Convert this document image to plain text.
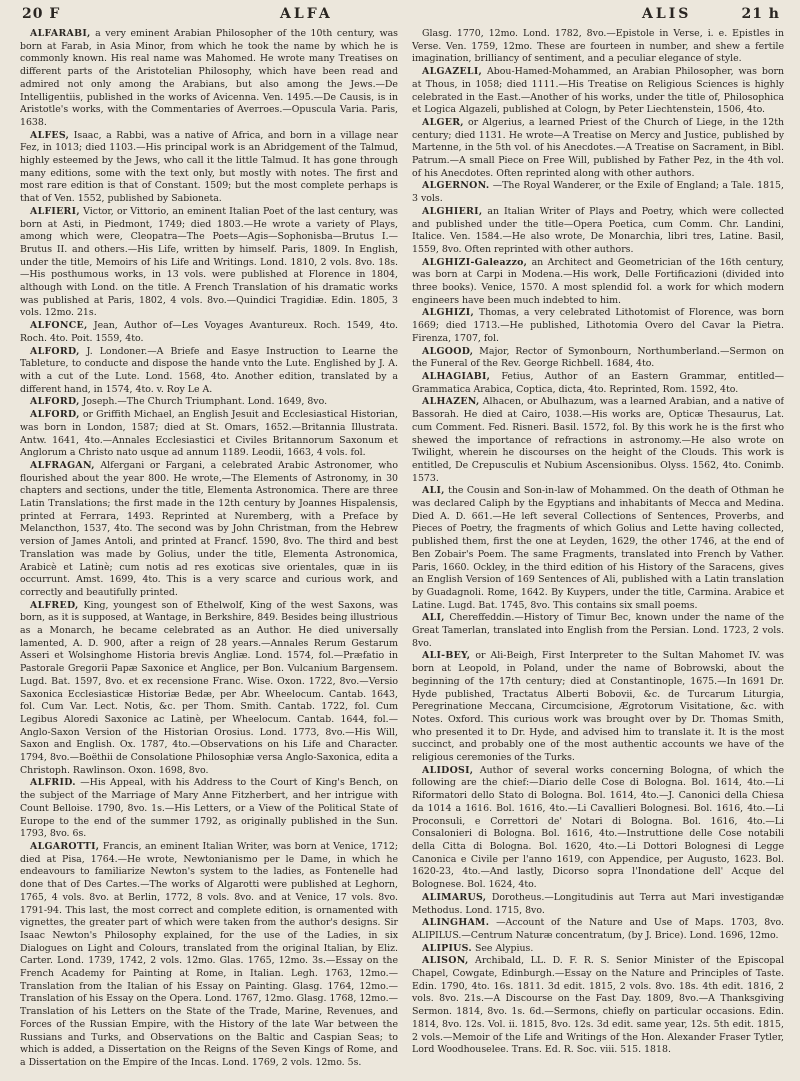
20 F	ALFA	ALIS	21 h

ALFARABI, a very eminent Arabian Philosopher of the 10th century, was born at Farab, in Asia Minor, from which he took the name by which he is commonly known. His real name was Mahomed. He wrote many Treatises on different parts of the Aristotelian Philosophy, which have been read and admired not only among the Arabians, but also among the Jews.—De Intelligentiis, published in the works of Avicenna. Ven. 1495.—De Causis, is in Aristotle's works, with the Commentaries of Averroes.—Opuscula Varia. Paris, 1638.

ALFES, Isaac, a Rabbi, was a native of Africa, and born in a village near Fez, in 1013; died 1103.—His principal work is an Abridgement of the Talmud, highly esteemed by the Jews, who call it the little Talmud. It has gone through many editions, some with the text only, but mostly with notes. The first and most rare edition is that of Constant. 1509; but the most complete perhaps is that of Ven. 1552, published by Sabioneta.

ALFIERI, Victor, or Vittorio, an eminent Italian Poet of the last century, was born at Asti, in Piedmont, 1749; died 1803.—He wrote a variety of Plays, among which were, Cleopatra—The Poets—Agis—Sophonisba—Brutus I.—Brutus II. and others.—His Life, written by himself. Paris, 1809. In English, under the title, Memoirs of his Life and Writings. Lond. 1810, 2 vols. 8vo. 18s.—His posthumous works, in 13 vols. were published at Florence in 1804, although with Lond. on the title. A French Translation of his dramatic works was published at Paris, 1802, 4 vols. 8vo.—Quindici Tragidiæ. Edin. 1805, 3 vols. 12mo. 21s.

ALFONCE, Jean, Author of—Les Voyages Avantureux. Roch. 1549, 4to. Roch. 4to. Poit. 1559, 4to.

ALFORD, J. Londoner.—A Briefe and Easye Instruction to Learne the Tableture, to conducte and dispose the hande vnto the Lute. Englished by J. A. with a cut of the Lute. Lond. 1568, 4to. Another edition, translated by a different hand, in 1574, 4to. v. Roy Le A.

ALFORD, Joseph.—The Church Triumphant. Lond. 1649, 8vo.

ALFORD, or Griffith Michael, an English Jesuit and Ecclesiastical Historian, was born in London, 1587; died at St. Omars, 1652.—Britannia Illustrata. Antw. 1641, 4to.—Annales Ecclesiastici et Civiles Britannorum Saxonum et Anglorum a Christo nato usque ad annum 1189. Leodii, 1663, 4 vols. fol.

ALFRAGAN, Alfergani or Fargani, a celebrated Arabic Astronomer, who flourished about the year 800. He wrote,—The Elements of Astronomy, in 30 chapters and sections, under the title, Elementa Astronomica. There are three Latin Translations; the first made in the 12th century by Joannes Hispalensis, printed at Ferrara, 1493. Reprinted at Nuremberg, with a Preface by Melancthon, 1537, 4to. The second was by John Christman, from the Hebrew version of James Antoli, and printed at Francf. 1590, 8vo. The third and best Translation was made by Golius, under the title, Elementa Astronomica, Arabicè et Latinè; cum notis ad res exoticas sive orientales, quæ in iis occurrunt. Amst. 1699, 4to. This is a very scarce and curious work, and correctly and beautifully printed.

ALFRED, King, youngest son of Ethelwolf, King of the west Saxons, was born, as it is supposed, at Wantage, in Berkshire, 849. Besides being illustrious as a Monarch, he became celebrated as an Author. He died universally lamented, A. D. 900, after a reign of 28 years.—Annales Rerum Gestarum Asseri et Wolsinghome Historia brevis Angliæ. Lond. 1574, fol.—Præfatio in Pastorale Gregorii Papæ Saxonice et Anglice, per Bon. Vulcanium Bargensem. Lugd. Bat. 1597, 8vo. et ex recensione Franc. Wise. Oxon. 1722, 8vo.—Versio Saxonica Ecclesiasticæ Historiæ Bedæ, per Abr. Wheelocum. Cantab. 1643, fol. Cum Var. Lect. Notis, &c. per Thom. Smith. Cantab. 1722, fol. Cum Legibus Aloredi Saxonice ac Latinè, per Wheelocum. Cantab. 1644, fol.—Anglo-Saxon Version of the Historian Orosius. Lond. 1773, 8vo.—His Will, Saxon and English. Ox. 1787, 4to.—Observations on his Life and Character. 1794, 8vo.—Boëthii de Consolatione Philosophiæ versa Anglo-Saxonica, edita a Christoph. Rawlinson. Oxon. 1698, 8vo.

ALFRID. —His Appeal, with his Address to the Court of King's Bench, on the subject of the Marriage of Mary Anne Fitzherbert, and her intrigue with Count Belloise. 1790, 8vo. 1s.—His Letters, or a View of the Political State of Europe to the end of the summer 1792, as originally published in the Sun. 1793, 8vo. 6s.

ALGAROTTI, Francis, an eminent Italian Writer, was born at Venice, 1712; died at Pisa, 1764.—He wrote, Newtonianismo per le Dame, in which he endeavours to familiarize Newton's system to the ladies, as Fontenelle had done that of Des Cartes.—The works of Algarotti were published at Leghorn, 1765, 4 vols. 8vo. at Berlin, 1772, 8 vols. 8vo. and at Venice, 17 vols. 8vo. 1791-94. This last, the most correct and complete edition, is ornamented with vignettes, the greater part of which were taken from the author's designs. Sir Isaac Newton's Philosophy explained, for the use of the Ladies, in six Dialogues on Light and Colours, translated from the original Italian, by Eliz. Carter. Lond. 1739, 1742, 2 vols. 12mo. Glas. 1765, 12mo. 3s.—Essay on the French Academy for Painting at Rome, in Italian. Legh. 1763, 12mo.—Translation from the Italian of his Essay on Painting. Glasg. 1764, 12mo.—Translation of his Essay on the Opera. Lond. 1767, 12mo. Glasg. 1768, 12mo.—Translation of his Letters on the State of the Trade, Marine, Revenues, and Forces of the Russian Empire, with the History of the late War between the Russians and Turks, and Observations on the Baltic and Caspian Seas; to which is added, a Dissertation on the Reigns of the Seven Kings of Rome, and a Dissertation on the Empire of the Incas. Lond. 1769, 2 vols. 12mo. 5s.

Glasg. 1770, 12mo. Lond. 1782, 8vo.—Epistole in Verse, i. e. Epistles in Verse. Ven. 1759, 12mo. These are fourteen in number, and shew a fertile imagination, brilliancy of sentiment, and a peculiar elegance of style.

ALGAZELI, Abou-Hamed-Mohammed, an Arabian Philosopher, was born at Thous, in 1058; died 1111.—His Treatise on Religious Sciences is highly celebrated in the East.—Another of his works, under the title of, Philosophica et Logica Algazeli, published at Cologn, by Peter Liechtenstein, 1506, 4to.

ALGER, or Algerius, a learned Priest of the Church of Liege, in the 12th century; died 1131. He wrote—A Treatise on Mercy and Justice, published by Martenne, in the 5th vol. of his Anecdotes.—A Treatise on Sacrament, in Bibl. Patrum.—A small Piece on Free Will, published by Father Pez, in the 4th vol. of his Anecdotes. Often reprinted along with other authors.

ALGERNON. —The Royal Wanderer, or the Exile of England; a Tale. 1815, 3 vols.

ALGHIERI, an Italian Writer of Plays and Poetry, which were collected and published under the title—Opera Poetica, cum Comm. Chr. Landini, Italice. Ven. 1584.—He also wrote, De Monarchia, libri tres, Latine. Basil, 1559, 8vo. Often reprinted with other authors.

ALGHIZI-Galeazzo, an Architect and Geometrician of the 16th century, was born at Carpi in Modena.—His work, Delle Fortificazioni (divided into three books). Venice, 1570. A most splendid fol. a work for which modern engineers have been much indebted to him.

ALGHIZI, Thomas, a very celebrated Lithotomist of Florence, was born 1669; died 1713.—He published, Lithotomia Overo del Cavar la Pietra. Firenza, 1707, fol.

ALGOOD, Major, Rector of Symonbourn, Northumberland.—Sermon on the Funeral of the Rev. George Richbell. 1684, 4to.

ALHAGIABI, Fetius, Author of an Eastern Grammar, entitled—Grammatica Arabica, Coptica, dicta, 4to. Reprinted, Rom. 1592, 4to.

ALHAZEN, Alhacen, or Abulhazum, was a learned Arabian, and a native of Bassorah. He died at Cairo, 1038.—His works are, Opticæ Thesaurus, Lat. cum Comment. Fed. Risneri. Basil. 1572, fol. By this work he is the first who shewed the importance of refractions in astronomy.—He also wrote on Twilight, wherein he discourses on the height of the Clouds. This work is entitled, De Crepusculis et Nubium Ascensionibus. Olyss. 1562, 4to. Conimb. 1573.

ALI, the Cousin and Son-in-law of Mohammed. On the death of Othman he was declared Caliph by the Egyptians and inhabitants of Mecca and Medina. Died A. D. 661.—He left several Collections of Sentences, Proverbs, and Pieces of Poetry, the fragments of which Golius and Lette having collected, published them, first the one at Leyden, 1629, the other 1746, at the end of Ben Zobair's Poem. The same Fragments, translated into French by Vather. Paris, 1660. Ockley, in the third edition of his History of the Saracens, gives an English Version of 169 Sentences of Ali, published with a Latin translation by Guadagnoli. Rome, 1642. By Kuypers, under the title, Carmina. Arabice et Latine. Lugd. Bat. 1745, 8vo. This contains six small poems.

ALI, Chereffeddin.—History of Timur Bec, known under the name of the Great Tamerlan, translated into English from the Persian. Lond. 1723, 2 vols. 8vo.

ALI-BEY, or Ali-Beigh, First Interpreter to the Sultan Mahomet IV. was born at Leopold, in Poland, under the name of Bobrowski, about the beginning of the 17th century; died at Constantinople, 1675.—In 1691 Dr. Hyde published, Tractatus Alberti Bobovii, &c. de Turcarum Liturgia, Peregrinatione Meccana, Circumcisione, Ægrotorum Visitatione, &c. with Notes. Oxford. This curious work was brought over by Dr. Thomas Smith, who presented it to Dr. Hyde, and advised him to translate it. It is the most succinct, and probably one of the most authentic accounts we have of the religious ceremonies of the Turks.

ALIDOSI, Author of several works concerning Bologna, of which the following are the chief:—Diario delle Cose di Bologna. Bol. 1614, 4to.—Li Riformatori dello Stato di Bologna. Bol. 1614, 4to.—J. Canonici della Chiesa da 1014 a 1616. Bol. 1616, 4to.—Li Cavallieri Bolognesi. Bol. 1616, 4to.—Li Proconsuli, e Correttori de' Notari di Bologna. Bol. 1616, 4to.—Li Consalonieri di Bologna. Bol. 1616, 4to.—Instruttione delle Cose notabili della Citta di Bologna. Bol. 1620, 4to.—Li Dottori Bolognesi di Legge Canonica e Civile per l'anno 1619, con Appendice, per Augusto, 1623. Bol. 1620-23, 4to.—And lastly, Dicorso sopra l'Inondatione dell' Acque del Bolognese. Bol. 1624, 4to.

ALIMARUS, Dorotheus.—Longitudinis aut Terra aut Mari investigandæ Methodus. Lond. 1715, 8vo.

ALINGHAM. —Account of the Nature and Use of Maps. 1703, 8vo. ALIPILUS.—Centrum Naturæ concentratum, (by J. Brice). Lond. 1696, 12mo.

ALIPIUS. See Alypius.

ALISON, Archibald, LL. D. F. R. S. Senior Minister of the Episcopal Chapel, Cowgate, Edinburgh.—Essay on the Nature and Principles of Taste. Edin. 1790, 4to. 16s. 1811. 3d edit. 1815, 2 vols. 8vo. 18s. 4th edit. 1816, 2 vols. 8vo. 21s.—A Discourse on the Fast Day. 1809, 8vo.—A Thanksgiving Sermon. 1814, 8vo. 1s. 6d.—Sermons, chiefly on particular occasions. Edin. 1814, 8vo. 12s. Vol. ii. 1815, 8vo. 12s. 3d edit. same year, 12s. 5th edit. 1815, 2 vols.—Memoir of the Life and Writings of the Hon. Alexander Fraser Tytler, Lord Woodhouselee. Trans. Ed. R. Soc. viii. 515. 1818.
